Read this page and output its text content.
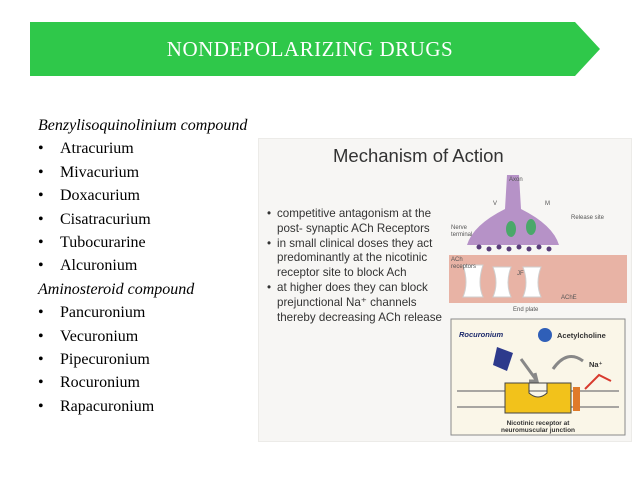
NONDEPOLARIZING DRUGS
Benzylisoquinolinium compound
•	Atracurium
•	Mivacurium
•	Doxacurium
•	Cisatracurium
•	Tubocurarine
•	Alcuronium
Aminosteroid compound
•	Pancuronium
•	Vecuronium
•	Pipecuronium
•	Rocuronium
•	Rapacuronium
Mechanism of Action
• competitive antagonism at the post- synaptic ACh Receptors
• in small clinical doses they act predominantly at the nicotinic receptor site to block Ach
• at higher does they can block prejunctional Na⁺ channels thereby decreasing ACh release
Axon
V	M
Release site
Nerve
terminal
ACh
receptors
JF
AChE
End plate
Rocuronium	Acetylcholine
Na⁺
Nicotinic receptor at
neuromuscular junction
